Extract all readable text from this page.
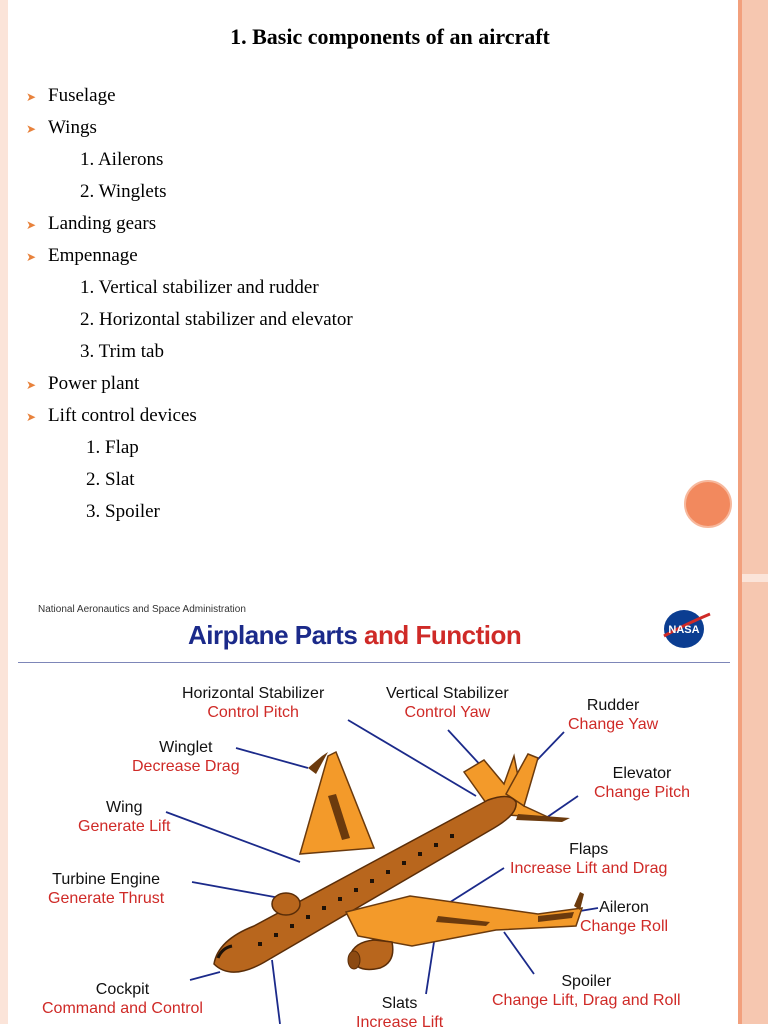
1. Basic components of an aircraft
➤ Fuselage
➤ Wings
1. Ailerons
2. Winglets
➤ Landing gears
➤ Empennage
1. Vertical stabilizer and rudder
2. Horizontal stabilizer and elevator
3. Trim tab
➤ Power plant
➤ Lift control devices
1. Flap
2. Slat
3. Spoiler
National Aeronautics and Space Administration
Airplane Parts and Function	NASA
Horizontal Stabilizer
Control Pitch
Vertical Stabilizer
Control Yaw	Rudder
Change Yaw
Winglet
Decrease Drag	Elevator
Change Pitch
Wing
Generate Lift
Flaps
Increase Lift and Drag
Turbine Engine
Generate Thrust
Aileron
Change Roll
Cockpit
Command and Control
Spoiler
Change Lift, Drag and Roll
Slats
Increase Lift
